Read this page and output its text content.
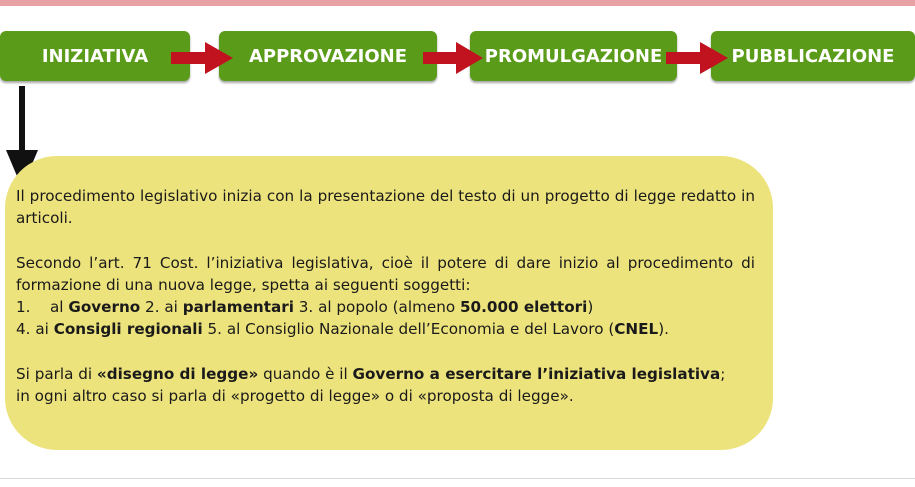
INIZIATIVA	APPROVAZIONE	PROMULGAZIONE	PUBBLICAZIONE

Il procedimento legislativo inizia con la presentazione del testo di un progetto di legge redatto in articoli.

Secondo l’art. 71 Cost. l’iniziativa legislativa, cioè il potere di dare inizio al procedimento di formazione di una nuova legge, spetta ai seguenti soggetti:

1. al Governo 2. ai parlamentari 3. al popolo (almeno 50.000 elettori)

4. ai Consigli regionali 5. al Consiglio Nazionale dell’Economia e del Lavoro (CNEL).

Si parla di «disegno di legge» quando è il Governo a esercitare l’iniziativa legislativa;

in ogni altro caso si parla di «progetto di legge» o di «proposta di legge».
